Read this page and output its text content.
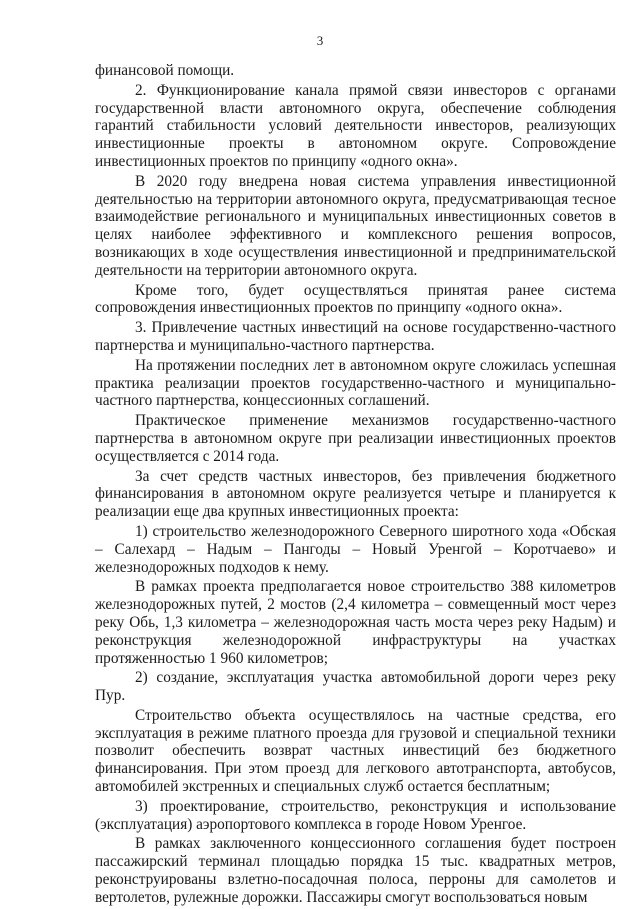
3

финансовой помощи.

2. Функционирование канала прямой связи инвесторов с органами государственной власти автономного округа, обеспечение соблюдения гарантий стабильности условий деятельности инвесторов, реализующих инвестиционные проекты в автономном округе. Сопровождение инвестиционных проектов по принципу «одного окна».

В 2020 году внедрена новая система управления инвестиционной деятельностью на территории автономного округа, предусматривающая тесное взаимодействие регионального и муниципальных инвестиционных советов в целях наиболее эффективного и комплексного решения вопросов, возникающих в ходе осуществления инвестиционной и предпринимательской деятельности на территории автономного округа.

Кроме того, будет осуществляться принятая ранее система сопровождения инвестиционных проектов по принципу «одного окна».

3. Привлечение частных инвестиций на основе государственно-частного партнерства и муниципально-частного партнерства.

На протяжении последних лет в автономном округе сложилась успешная практика реализации проектов государственно-частного и муниципально-частного партнерства, концессионных соглашений.

Практическое применение механизмов государственно-частного партнерства в автономном округе при реализации инвестиционных проектов осуществляется с 2014 года.

За счет средств частных инвесторов, без привлечения бюджетного финансирования в автономном округе реализуется четыре и планируется к реализации еще два крупных инвестиционных проекта:

1) строительство железнодорожного Северного широтного хода «Обская – Салехард – Надым – Пангоды – Новый Уренгой – Коротчаево» и железнодорожных подходов к нему.

В рамках проекта предполагается новое строительство 388 километров железнодорожных путей, 2 мостов (2,4 километра – совмещенный мост через реку Обь, 1,3 километра – железнодорожная часть моста через реку Надым) и реконструкция железнодорожной инфраструктуры на участках протяженностью 1 960 километров;

2) создание, эксплуатация участка автомобильной дороги через реку Пур.

Строительство объекта осуществлялось на частные средства, его эксплуатация в режиме платного проезда для грузовой и специальной техники позволит обеспечить возврат частных инвестиций без бюджетного финансирования. При этом проезд для легкового автотранспорта, автобусов, автомобилей экстренных и специальных служб остается бесплатным;

3) проектирование, строительство, реконструкция и использование (эксплуатация) аэропортового комплекса в городе Новом Уренгое.

В рамках заключенного концессионного соглашения будет построен пассажирский терминал площадью порядка 15 тыс. квадратных метров, реконструированы взлетно-посадочная полоса, перроны для самолетов и вертолетов, рулежные дорожки. Пассажиры смогут воспользоваться новым
